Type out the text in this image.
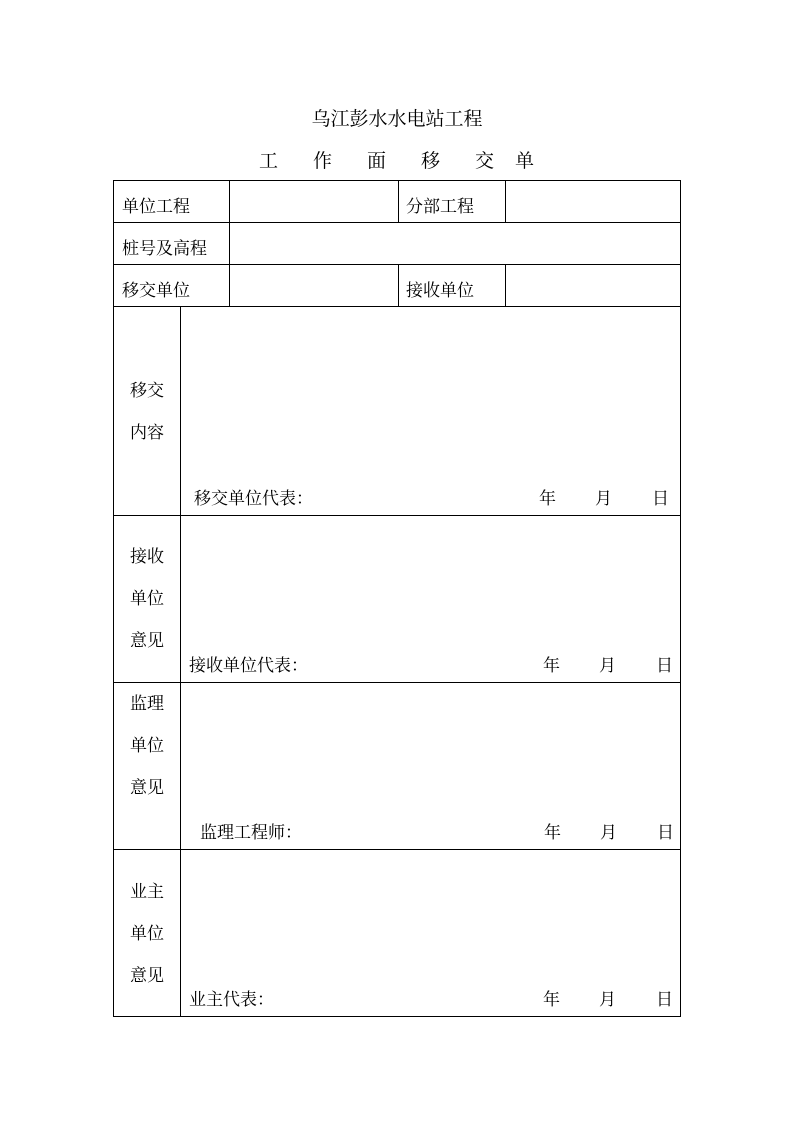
乌江彭水水电站工程
工 作 面 移 交 单
单位工程	分部工程
桩号及高程
移交单位	接收单位
移交
内容
移交单位代表：	年 月 日
接收
单位
意见
接收单位代表：	年 月 日
监理
单位
意见
监理工程师：	年 月 日
业主
单位
意见
业主代表：	年 月 日
